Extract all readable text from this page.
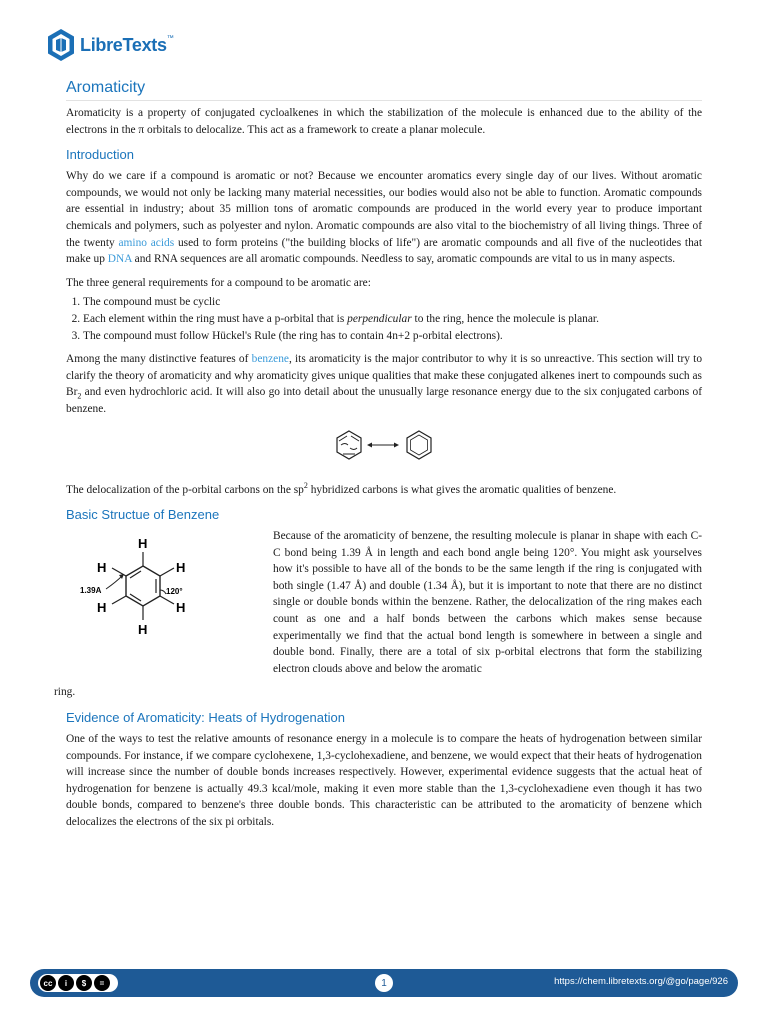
LibreTexts™
Aromaticity

Aromaticity is a property of conjugated cycloalkenes in which the stabilization of the molecule is enhanced due to the ability of the electrons in the π orbitals to delocalize. This act as a framework to create a planar molecule.

Introduction

Why do we care if a compound is aromatic or not? Because we encounter aromatics every single day of our lives. Without aromatic compounds, we would not only be lacking many material necessities, our bodies would also not be able to function. Aromatic compounds are essential in industry; about 35 million tons of aromatic compounds are produced in the world every year to produce important chemicals and polymers, such as polyester and nylon. Aromatic compounds are also vital to the biochemistry of all living things. Three of the twenty amino acids used to form proteins ("the building blocks of life") are aromatic compounds and all five of the nucleotides that make up DNA and RNA sequences are all aromatic compounds. Needless to say, aromatic compounds are vital to us in many aspects.

The three general requirements for a compound to be aromatic are:

1. The compound must be cyclic
2. Each element within the ring must have a p-orbital that is perpendicular to the ring, hence the molecule is planar.
3. The compound must follow Hückel's Rule (the ring has to contain 4n+2 p-orbital electrons).

Among the many distinctive features of benzene, its aromaticity is the major contributor to why it is so unreactive. This section will try to clarify the theory of aromaticity and why aromaticity gives unique qualities that make these conjugated alkenes inert to compounds such as $Br_2$ and even hydrochloric acid. It will also go into detail about the unusually large resonance energy due to the six conjugated carbons of benzene.

The delocalization of the p-orbital carbons on the $sp^2$ hybridized carbons is what gives the aromatic qualities of benzene.

Basic Structue of Benzene
H
H
H
H
H
H
1.39A	120°

Because of the aromaticity of benzene, the resulting molecule is planar in shape with each C-C bond being 1.39 Å in length and each bond angle being 120°. You might ask yourselves how it's possible to have all of the bonds to be the same length if the ring is conjugated with both single (1.47 Å) and double (1.34 Å), but it is important to note that there are no distinct single or double bonds within the benzene. Rather, the delocalization of the ring makes each count as one and a half bonds between the carbons which makes sense because experimentally we find that the actual bond length is somewhere in between a single and double bond. Finally, there are a total of six p-orbital electrons that form the stabilizing electron clouds above and below the aromatic

ring.

Evidence of Aromaticity: Heats of Hydrogenation

One of the ways to test the relative amounts of resonance energy in a molecule is to compare the heats of hydrogenation between similar compounds. For instance, if we compare cyclohexene, 1,3-cyclohexadiene, and benzene, we would expect that their heats of hydrogenation will increase since the number of double bonds increases respectively. However, experimental evidence suggests that the actual heat of hydrogenation for benzene is actually 49.3 kcal/mole, making it even more stable than the 1,3-cyclohexadiene even though it has two double bonds, compared to benzene's three double bonds. This characteristic can be attributed to the aromaticity of benzene which delocalizes the electrons of the six pi orbitals.

cc	i	$	=	1	https://chem.libretexts.org/@go/page/926
